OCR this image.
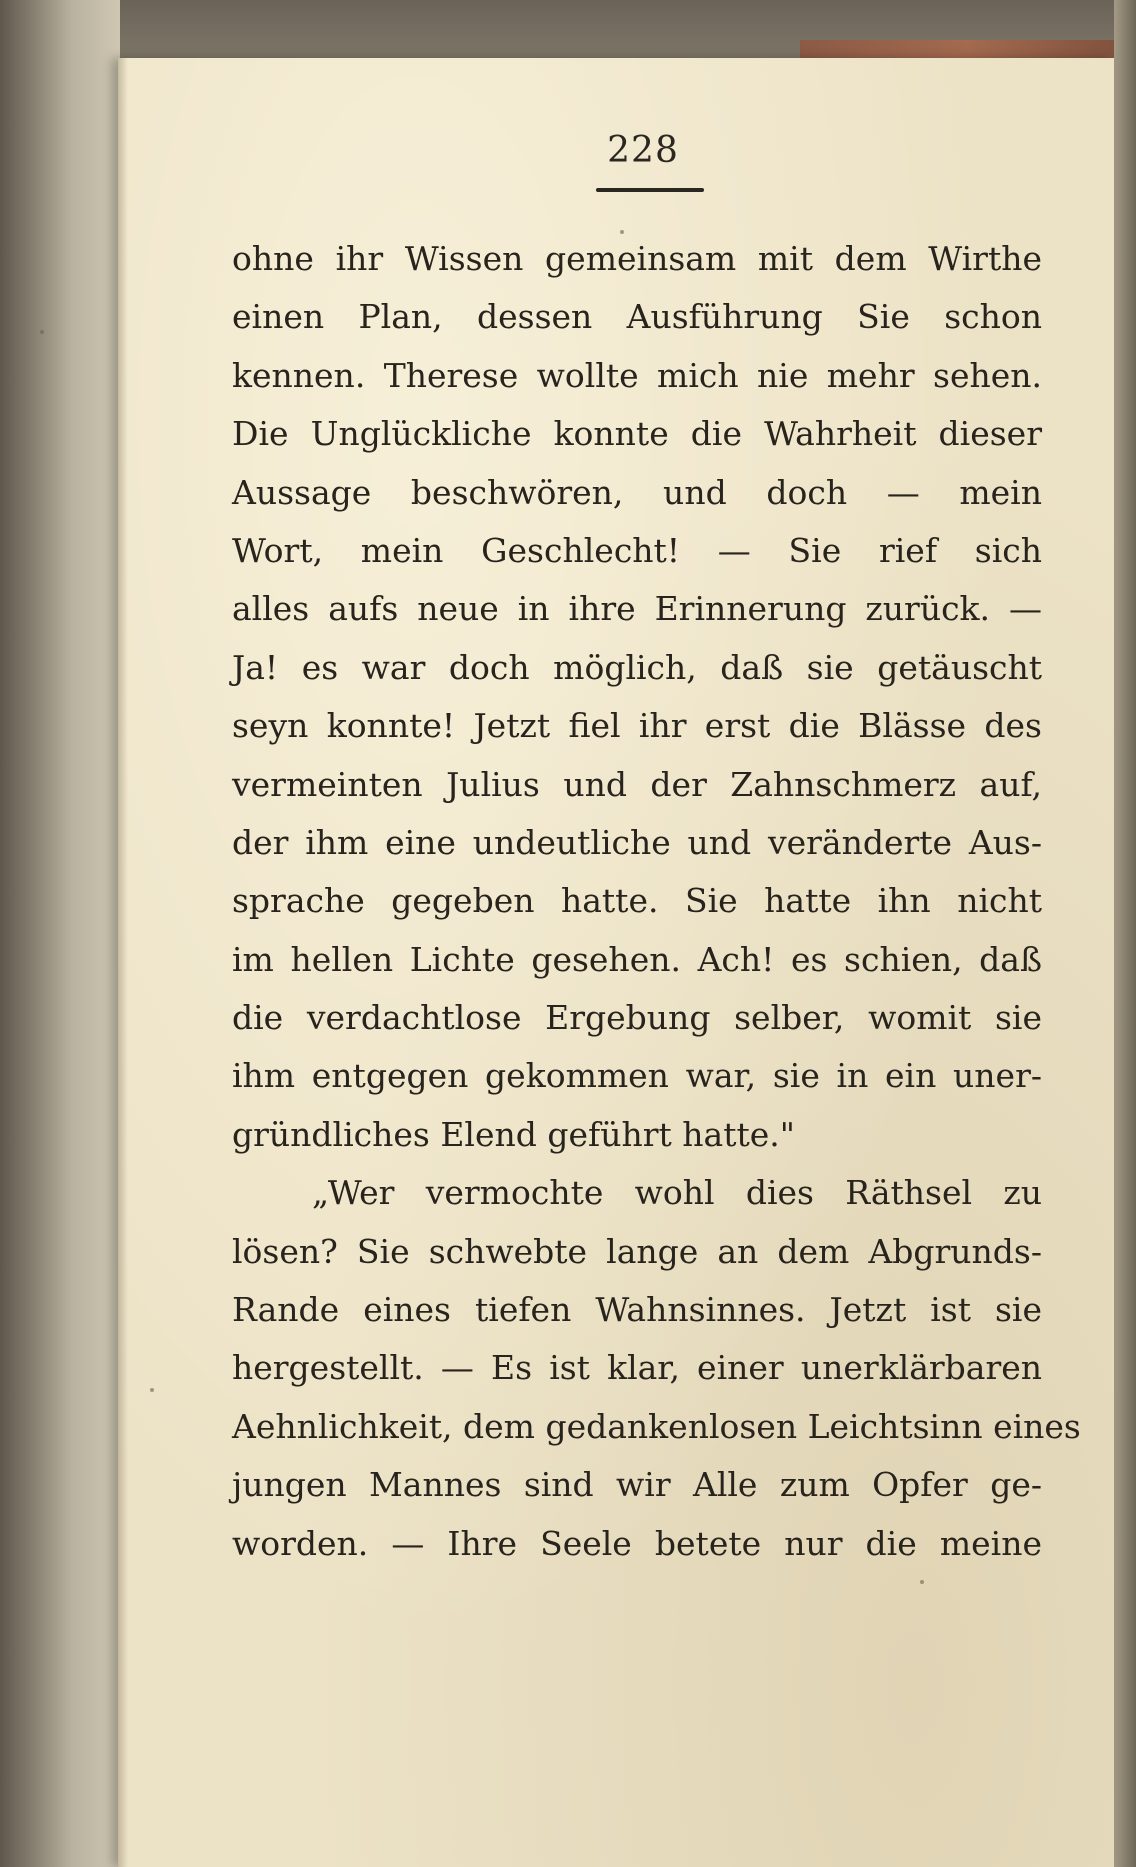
228
ohne ihr Wissen gemeinsam mit dem Wirthe
einen Plan, dessen Ausführung Sie schon
kennen. Therese wollte mich nie mehr sehen.
Die Unglückliche konnte die Wahrheit dieser
Aussage beschwören, und doch — mein
Wort, mein Geschlecht! — Sie rief sich
alles aufs neue in ihre Erinnerung zurück. —
Ja! es war doch möglich, daß sie getäuscht
seyn konnte! Jetzt fiel ihr erst die Blässe des
vermeinten Julius und der Zahnschmerz auf,
der ihm eine undeutliche und veränderte Aus-
sprache gegeben hatte. Sie hatte ihn nicht
im hellen Lichte gesehen. Ach! es schien, daß
die verdachtlose Ergebung selber, womit sie
ihm entgegen gekommen war, sie in ein uner-
gründliches Elend geführt hatte."
„Wer vermochte wohl dies Räthsel zu
lösen? Sie schwebte lange an dem Abgrunds-
Rande eines tiefen Wahnsinnes. Jetzt ist sie
hergestellt. — Es ist klar, einer unerklärbaren
Aehnlichkeit, dem gedankenlosen Leichtsinn eines
jungen Mannes sind wir Alle zum Opfer ge-
worden. — Ihre Seele betete nur die meine
